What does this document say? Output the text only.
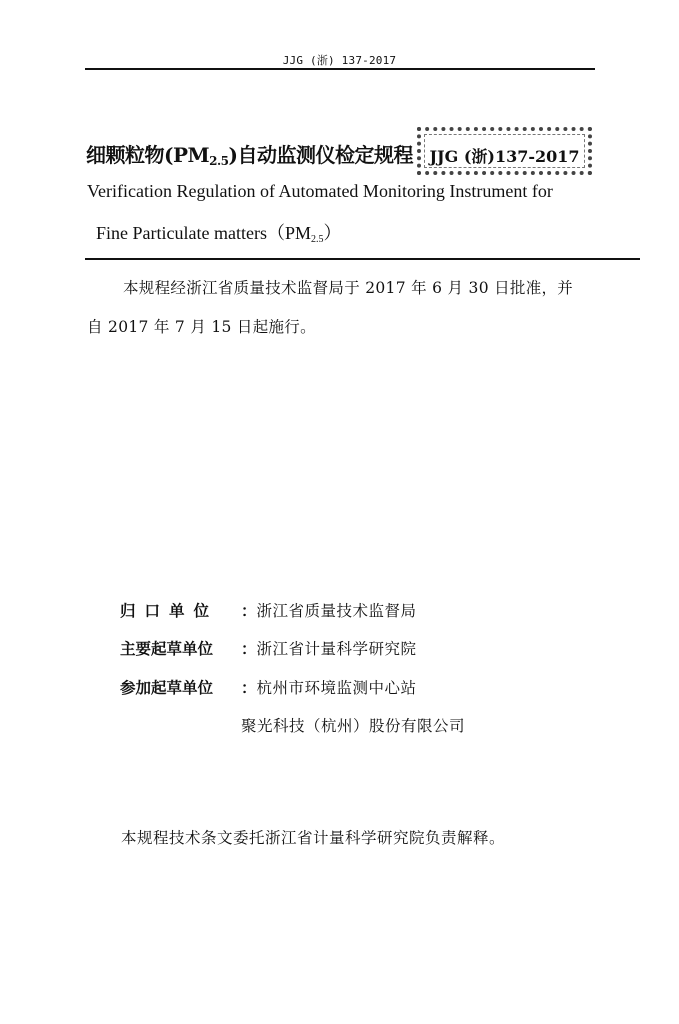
JJG (浙) 137-2017
细颗粒物$(PM_{2.5})$自动监测仪检定规程	JJG (浙)137-2017
Verification Regulation of Automated Monitoring Instrument for
Fine Particulate $matters(PM_{2.5})$
本规程经浙江省质量技术监督局于 2017 年 6 月 30 日批准，并
自 2017 年 7 月 15 日起施行。
归口单位 ：浙江省质量技术监督局
主要起草单位 ：浙江省计量科学研究院
参加起草单位 ：杭州市环境监测中心站
聚光科技（杭州）股份有限公司
本规程技术条文委托浙江省计量科学研究院负责解释。
